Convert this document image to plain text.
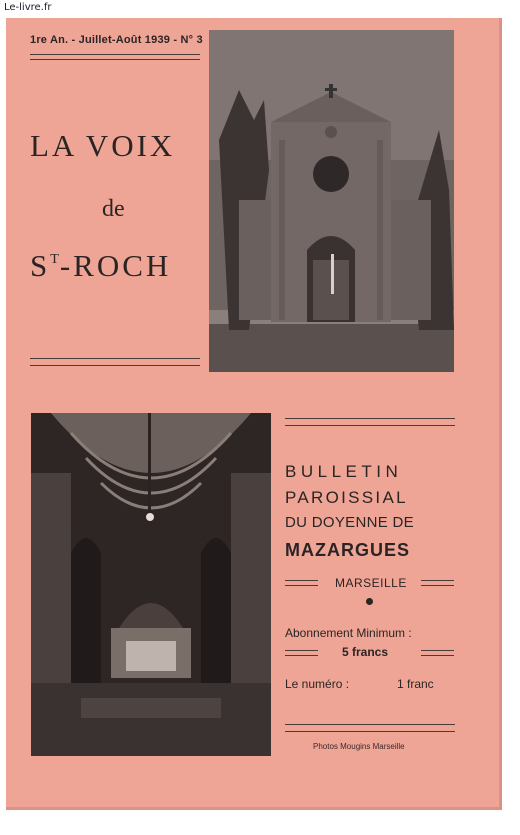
Le-livre.fr
1re An. - Juillet-Août 1939 - N° 3
LA VOIX
de
$S^T$-ROCH
BULLETIN
PAROISSIAL
DU DOYENNE DE
MAZARGUES
MARSEILLE
Abonnement Minimum :
5 francs
Le numéro :	1 franc
Photos Mougins Marseille
